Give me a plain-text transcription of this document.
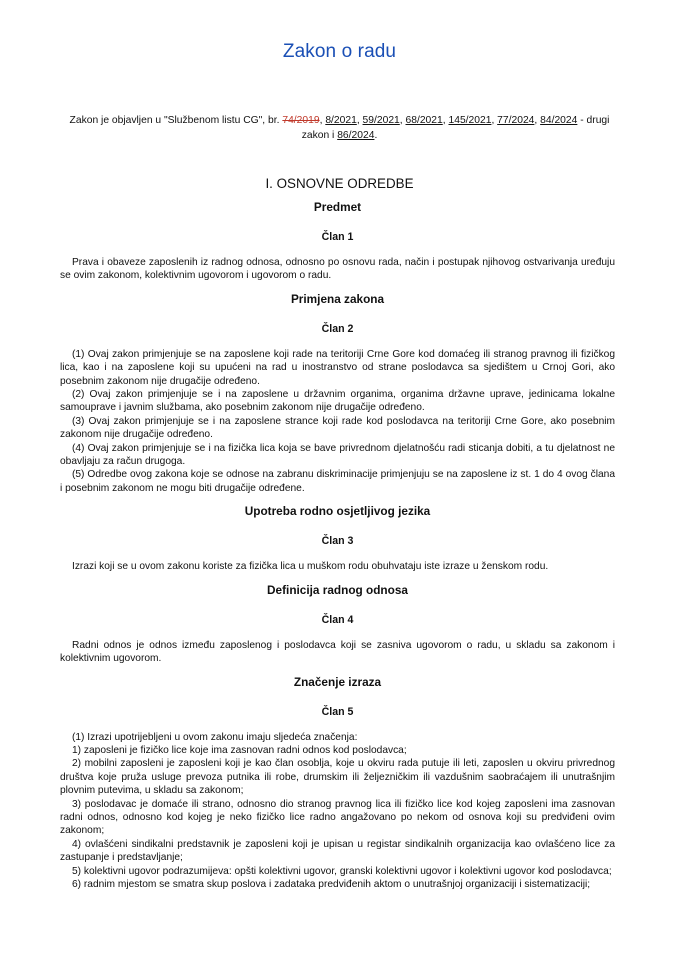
Zakon o radu
Zakon je objavljen u "Službenom listu CG", br. 74/2019, 8/2021, 59/2021, 68/2021, 145/2021, 77/2024, 84/2024 - drugi zakon i 86/2024.
I. OSNOVNE ODREDBE

Predmet

Član 1

Prava i obaveze zaposlenih iz radnog odnosa, odnosno po osnovu rada, način i postupak njihovog ostvarivanja uređuju se ovim zakonom, kolektivnim ugovorom i ugovorom o radu.

Primjena zakona

Član 2

(1) Ovaj zakon primjenjuje se na zaposlene koji rade na teritoriji Crne Gore kod domaćeg ili stranog pravnog ili fizičkog lica, kao i na zaposlene koji su upućeni na rad u inostranstvo od strane poslodavca sa sjedištem u Crnoj Gori, ako posebnim zakonom nije drugačije određeno.

(2) Ovaj zakon primjenjuje se i na zaposlene u državnim organima, organima državne uprave, jedinicama lokalne samouprave i javnim službama, ako posebnim zakonom nije drugačije određeno.

(3) Ovaj zakon primjenjuje se i na zaposlene strance koji rade kod poslodavca na teritoriji Crne Gore, ako posebnim zakonom nije drugačije određeno.

(4) Ovaj zakon primjenjuje se i na fizička lica koja se bave privrednom djelatnošću radi sticanja dobiti, a tu djelatnost ne obavljaju za račun drugoga.

(5) Odredbe ovog zakona koje se odnose na zabranu diskriminacije primjenjuju se na zaposlene iz st. 1 do 4 ovog člana i posebnim zakonom ne mogu biti drugačije određene.

Upotreba rodno osjetljivog jezika

Član 3

Izrazi koji se u ovom zakonu koriste za fizička lica u muškom rodu obuhvataju iste izraze u ženskom rodu.

Definicija radnog odnosa

Član 4

Radni odnos je odnos između zaposlenog i poslodavca koji se zasniva ugovorom o radu, u skladu sa zakonom i kolektivnim ugovorom.

Značenje izraza

Član 5

(1) Izrazi upotrijebljeni u ovom zakonu imaju sljedeća značenja:

1) zaposleni je fizičko lice koje ima zasnovan radni odnos kod poslodavca;

2) mobilni zaposleni je zaposleni koji je kao član osoblja, koje u okviru rada putuje ili leti, zaposlen u okviru privrednog društva koje pruža usluge prevoza putnika ili robe, drumskim ili željezničkim ili vazdušnim saobraćajem ili unutrašnjim plovnim putevima, u skladu sa zakonom;

3) poslodavac je domaće ili strano, odnosno dio stranog pravnog lica ili fizičko lice kod kojeg zaposleni ima zasnovan radni odnos, odnosno kod kojeg je neko fizičko lice radno angažovano po nekom od osnova koji su predviđeni ovim zakonom;

4) ovlašćeni sindikalni predstavnik je zaposleni koji je upisan u registar sindikalnih organizacija kao ovlašćeno lice za zastupanje i predstavljanje;

5) kolektivni ugovor podrazumijeva: opšti kolektivni ugovor, granski kolektivni ugovor i kolektivni ugovor kod poslodavca;

6) radnim mjestom se smatra skup poslova i zadataka predviđenih aktom o unutrašnjoj organizaciji i sistematizaciji;
